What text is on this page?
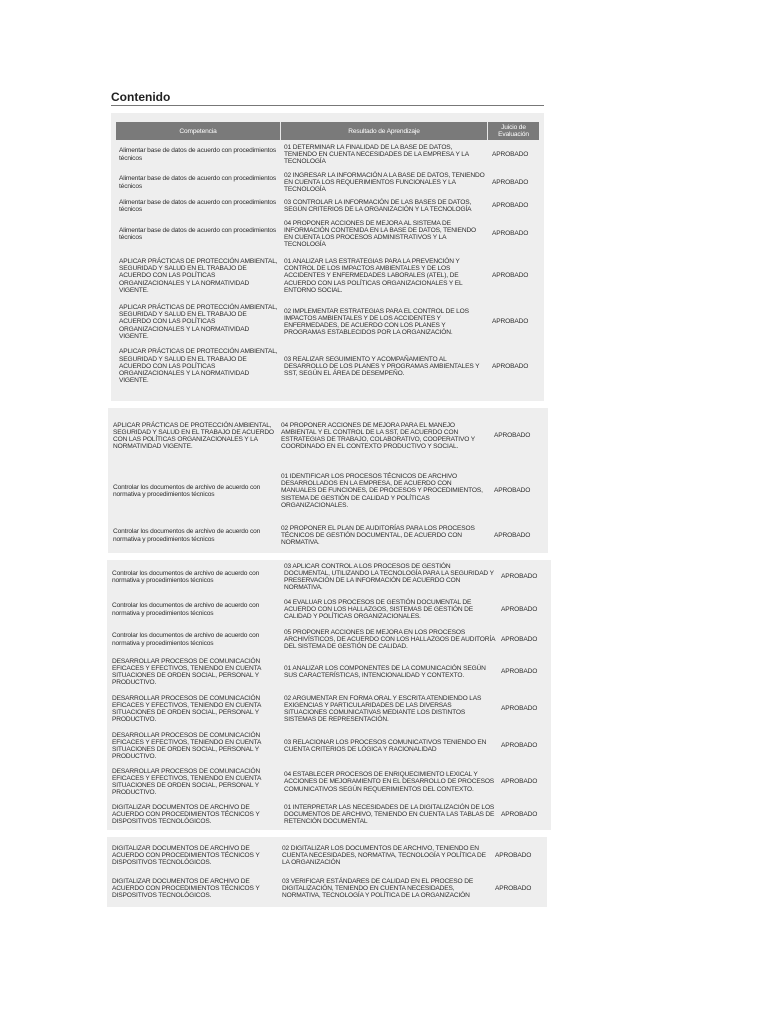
Contenido
Competencia	Resultado de Aprendizaje	Juicio de Evaluación
Alimentar base de datos de acuerdo con procedimientos técnicos	01 DETERMINAR LA FINALIDAD DE LA BASE DE DATOS, TENIENDO EN CUENTA NECESIDADES DE LA EMPRESA Y LA TECNOLOGÍA	APROBADO
Alimentar base de datos de acuerdo con procedimientos técnicos	02 INGRESAR LA INFORMACIÓN A LA BASE DE DATOS, TENIENDO EN CUENTA LOS REQUERIMIENTOS FUNCIONALES Y LA TECNOLOGÍA	APROBADO
Alimentar base de datos de acuerdo con procedimientos técnicos	03 CONTROLAR LA INFORMACIÓN DE LAS BASES DE DATOS, SEGÚN CRITERIOS DE LA ORGANIZACIÓN Y LA TECNOLOGÍA	APROBADO
Alimentar base de datos de acuerdo con procedimientos técnicos	04 PROPONER ACCIONES DE MEJORA AL SISTEMA DE INFORMACIÓN CONTENIDA EN LA BASE DE DATOS, TENIENDO EN CUENTA LOS PROCESOS ADMINISTRATIVOS Y LA TECNOLOGÍA	APROBADO
APLICAR PRÁCTICAS DE PROTECCIÓN AMBIENTAL, SEGURIDAD Y SALUD EN EL TRABAJO DE ACUERDO CON LAS POLÍTICAS ORGANIZACIONALES Y LA NORMATIVIDAD VIGENTE.	01 ANALIZAR LAS ESTRATEGIAS PARA LA PREVENCIÓN Y CONTROL DE LOS IMPACTOS AMBIENTALES Y DE LOS ACCIDENTES Y ENFERMEDADES LABORALES (ATEL), DE ACUERDO CON LAS POLÍTICAS ORGANIZACIONALES Y EL ENTORNO SOCIAL.	APROBADO
APLICAR PRÁCTICAS DE PROTECCIÓN AMBIENTAL, SEGURIDAD Y SALUD EN EL TRABAJO DE ACUERDO CON LAS POLÍTICAS ORGANIZACIONALES Y LA NORMATIVIDAD VIGENTE.	02 IMPLEMENTAR ESTRATEGIAS PARA EL CONTROL DE LOS IMPACTOS AMBIENTALES Y DE LOS ACCIDENTES Y ENFERMEDADES, DE ACUERDO CON LOS PLANES Y PROGRAMAS ESTABLECIDOS POR LA ORGANIZACIÓN.	APROBADO
APLICAR PRÁCTICAS DE PROTECCIÓN AMBIENTAL, SEGURIDAD Y SALUD EN EL TRABAJO DE ACUERDO CON LAS POLÍTICAS ORGANIZACIONALES Y LA NORMATIVIDAD VIGENTE.	03 REALIZAR SEGUIMIENTO Y ACOMPAÑAMIENTO AL DESARROLLO DE LOS PLANES Y PROGRAMAS AMBIENTALES Y SST, SEGÚN EL ÁREA DE DESEMPEÑO.	APROBADO
APLICAR PRÁCTICAS DE PROTECCIÓN AMBIENTAL, SEGURIDAD Y SALUD EN EL TRABAJO DE ACUERDO CON LAS POLÍTICAS ORGANIZACIONALES Y LA NORMATIVIDAD VIGENTE.	04 PROPONER ACCIONES DE MEJORA PARA EL MANEJO AMBIENTAL Y EL CONTROL DE LA SST, DE ACUERDO CON ESTRATEGIAS DE TRABAJO, COLABORATIVO, COOPERATIVO Y COORDINADO EN EL CONTEXTO PRODUCTIVO Y SOCIAL.	APROBADO
Controlar los documentos de archivo de acuerdo con normativa y procedimientos técnicos	01 IDENTIFICAR LOS PROCESOS TÉCNICOS DE ARCHIVO DESARROLLADOS EN LA EMPRESA, DE ACUERDO CON MANUALES DE FUNCIONES, DE PROCESOS Y PROCEDIMIENTOS, SISTEMA DE GESTIÓN DE CALIDAD Y POLÍTICAS ORGANIZACIONALES.	APROBADO
Controlar los documentos de archivo de acuerdo con normativa y procedimientos técnicos	02 PROPONER EL PLAN DE AUDITORÍAS PARA LOS PROCESOS TÉCNICOS DE GESTIÓN DOCUMENTAL, DE ACUERDO CON NORMATIVA.	APROBADO
Controlar los documentos de archivo de acuerdo con normativa y procedimientos técnicos	03 APLICAR CONTROL A LOS PROCESOS DE GESTIÓN DOCUMENTAL, UTILIZANDO LA TECNOLOGÍA PARA LA SEGURIDAD Y PRESERVACIÓN DE LA INFORMACIÓN DE ACUERDO CON NORMATIVA.	APROBADO
Controlar los documentos de archivo de acuerdo con normativa y procedimientos técnicos	04 EVALUAR LOS PROCESOS DE GESTIÓN DOCUMENTAL DE ACUERDO CON LOS HALLAZGOS, SISTEMAS DE GESTIÓN DE CALIDAD Y POLÍTICAS ORGANIZACIONALES.	APROBADO
Controlar los documentos de archivo de acuerdo con normativa y procedimientos técnicos	05 PROPONER ACCIONES DE MEJORA EN LOS PROCESOS ARCHIVÍSTICOS, DE ACUERDO CON LOS HALLAZGOS DE AUDITORÍA DEL SISTEMA DE GESTIÓN DE CALIDAD.	APROBADO
DESARROLLAR PROCESOS DE COMUNICACIÓN EFICACES Y EFECTIVOS, TENIENDO EN CUENTA SITUACIONES DE ORDEN SOCIAL, PERSONAL Y PRODUCTIVO.	01 ANALIZAR LOS COMPONENTES DE LA COMUNICACIÓN SEGÚN SUS CARACTERÍSTICAS, INTENCIONALIDAD Y CONTEXTO.	APROBADO
DESARROLLAR PROCESOS DE COMUNICACIÓN EFICACES Y EFECTIVOS, TENIENDO EN CUENTA SITUACIONES DE ORDEN SOCIAL, PERSONAL Y PRODUCTIVO.	02 ARGUMENTAR EN FORMA ORAL Y ESCRITA ATENDIENDO LAS EXIGENCIAS Y PARTICULARIDADES DE LAS DIVERSAS SITUACIONES COMUNICATIVAS MEDIANTE LOS DISTINTOS SISTEMAS DE REPRESENTACIÓN.	APROBADO
DESARROLLAR PROCESOS DE COMUNICACIÓN EFICACES Y EFECTIVOS, TENIENDO EN CUENTA SITUACIONES DE ORDEN SOCIAL, PERSONAL Y PRODUCTIVO.	03 RELACIONAR LOS PROCESOS COMUNICATIVOS TENIENDO EN CUENTA CRITERIOS DE LÓGICA Y RACIONALIDAD	APROBADO
DESARROLLAR PROCESOS DE COMUNICACIÓN EFICACES Y EFECTIVOS, TENIENDO EN CUENTA SITUACIONES DE ORDEN SOCIAL, PERSONAL Y PRODUCTIVO.	04 ESTABLECER PROCESOS DE ENRIQUECIMIENTO LEXICAL Y ACCIONES DE MEJORAMIENTO EN EL DESARROLLO DE PROCESOS COMUNICATIVOS SEGÚN REQUERIMIENTOS DEL CONTEXTO.	APROBADO
DIGITALIZAR DOCUMENTOS DE ARCHIVO DE ACUERDO CON PROCEDIMIENTOS TÉCNICOS Y DISPOSITIVOS TECNOLÓGICOS.	01 INTERPRETAR LAS NECESIDADES DE LA DIGITALIZACIÓN DE LOS DOCUMENTOS DE ARCHIVO, TENIENDO EN CUENTA LAS TABLAS DE RETENCIÓN DOCUMENTAL	APROBADO
DIGITALIZAR DOCUMENTOS DE ARCHIVO DE ACUERDO CON PROCEDIMIENTOS TÉCNICOS Y DISPOSITIVOS TECNOLÓGICOS.	02 DIGITALIZAR LOS DOCUMENTOS DE ARCHIVO, TENIENDO EN CUENTA NECESIDADES, NORMATIVA, TECNOLOGÍA Y POLÍTICA DE LA ORGANIZACIÓN	APROBADO
DIGITALIZAR DOCUMENTOS DE ARCHIVO DE ACUERDO CON PROCEDIMIENTOS TÉCNICOS Y DISPOSITIVOS TECNOLÓGICOS.	03 VERIFICAR ESTÁNDARES DE CALIDAD EN EL PROCESO DE DIGITALIZACIÓN, TENIENDO EN CUENTA NECESIDADES, NORMATIVA, TECNOLOGÍA Y POLÍTICA DE LA ORGANIZACIÓN	APROBADO
